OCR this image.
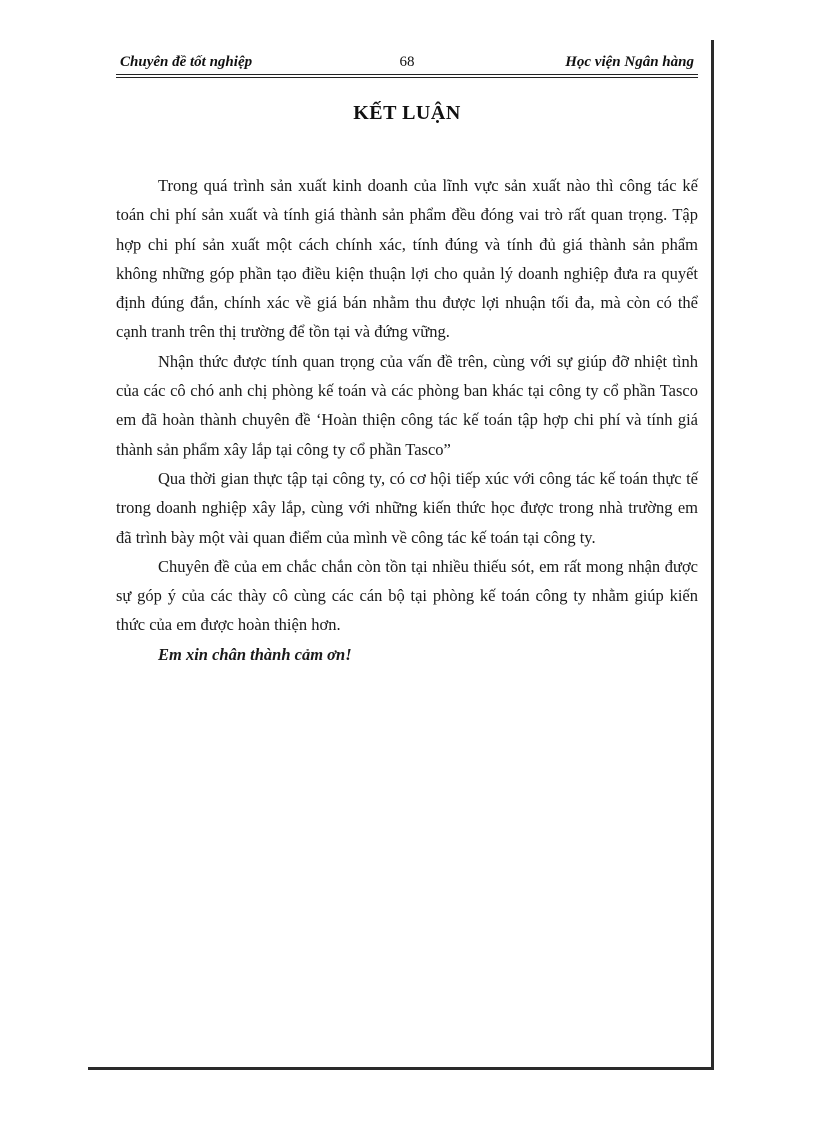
Chuyên đề tốt nghiệp	68	Học viện Ngân hàng
KẾT LUẬN

Trong quá trình sản xuất kinh doanh của lĩnh vực sản xuất nào thì công tác kế toán chi phí sản xuất và tính giá thành sản phẩm đều đóng vai trò rất quan trọng. Tập hợp chi phí sản xuất một cách chính xác, tính đúng và tính đủ giá thành sản phẩm không những góp phần tạo điều kiện thuận lợi cho quản lý doanh nghiệp đưa ra quyết định đúng đắn, chính xác về giá bán nhằm thu được lợi nhuận tối đa, mà còn có thể cạnh tranh trên thị trường để tồn tại và đứng vững.

Nhận thức được tính quan trọng của vấn đề trên, cùng với sự giúp đỡ nhiệt tình của các cô chó anh chị phòng kế toán và các phòng ban khác tại công ty cổ phần Tasco em đã hoàn thành chuyên đề ‘Hoàn thiện công tác kế toán tập hợp chi phí và tính giá thành sản phẩm xây lắp tại công ty cổ phần Tasco”

Qua thời gian thực tập tại công ty, có cơ hội tiếp xúc với công tác kế toán thực tế trong doanh nghiệp xây lắp, cùng với những kiến thức học được trong nhà trường em đã trình bày một vài quan điểm của mình về công tác kế toán tại công ty.

Chuyên đề của em chắc chắn còn tồn tại nhiều thiếu sót, em rất mong nhận được sự góp ý của các thày cô cùng các cán bộ tại phòng kế toán công ty nhằm giúp kiến thức của em được hoàn thiện hơn.

Em xin chân thành cảm ơn!
